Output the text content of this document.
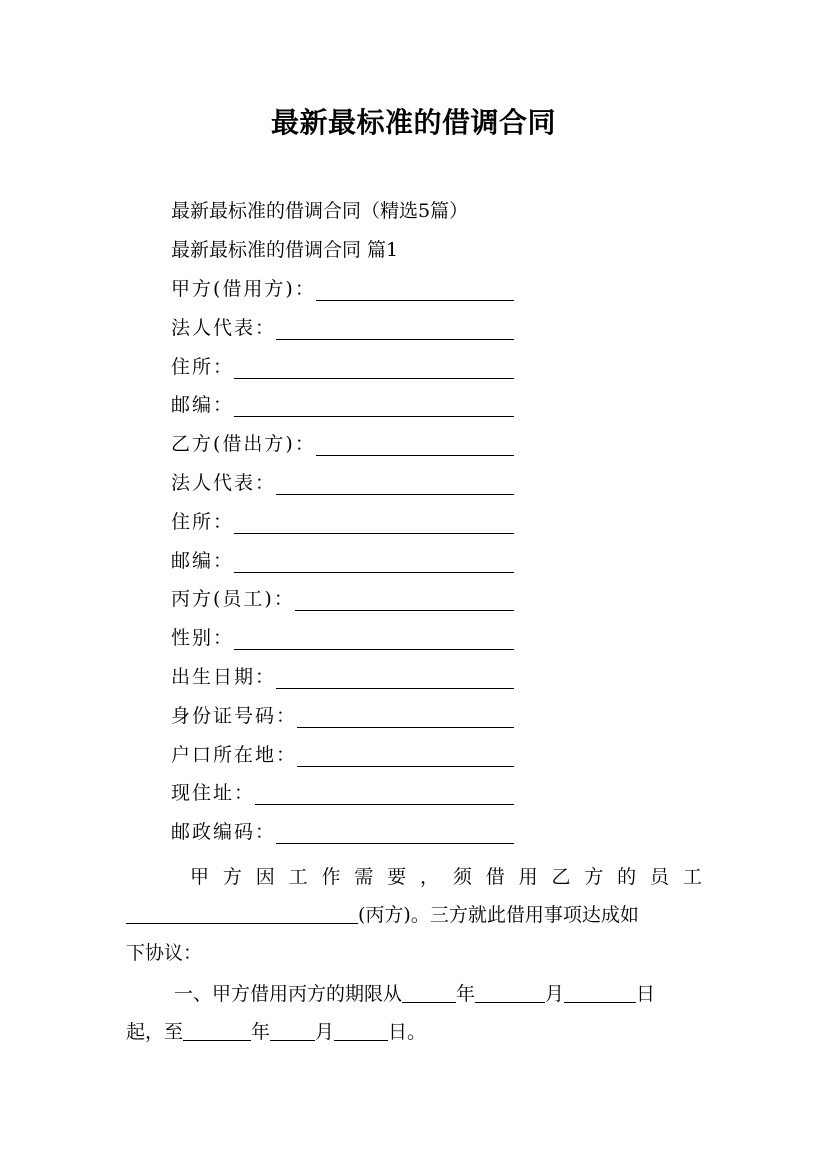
最新最标准的借调合同
最新最标准的借调合同（精选5篇）
最新最标准的借调合同 篇1
甲方(借用方)：
法人代表：
住所：
邮编：
乙方(借出方)：
法人代表：
住所：
邮编：
丙方(员工)：
性别：
出生日期：
身份证号码：
户口所在地：
现住址：
邮政编码：
甲 方 因 工 作 需 要 ， 须 借 用 乙 方 的 员 工
(丙方)。三方就此借用事项达成如
下协议：
一、甲方借用丙方的期限从	年	月	日
起，至	年 月	日。
